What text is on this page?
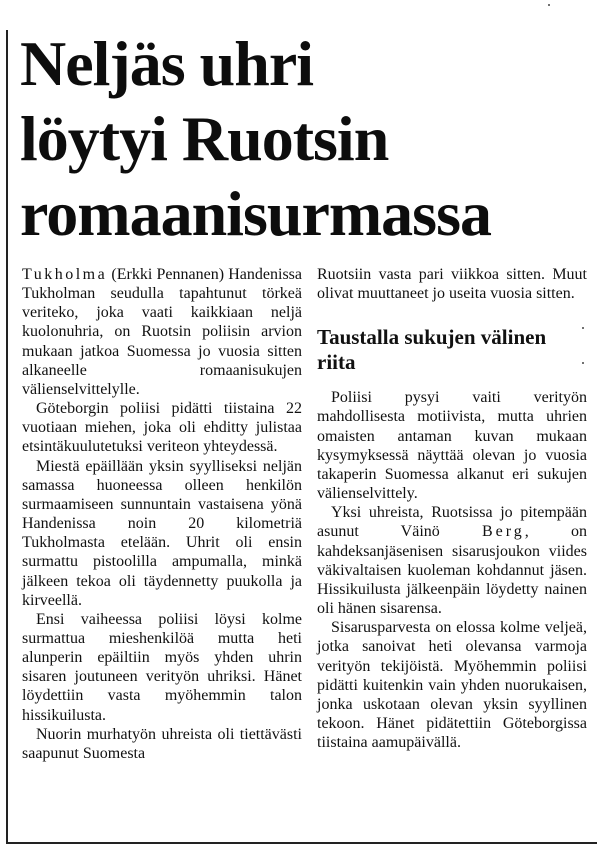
Neljäs uhri
löytyi Ruotsin
romaanisurmassa

Tukholma (Erkki Pennanen) Handenissa Tukholman seudulla tapahtunut törkeä veriteko, joka vaati kaikkiaan neljä kuolonuhria, on Ruotsin poliisin arvion mukaan jatkoa Suomessa jo vuosia sitten alkaneelle romaanisukujen välienselvittelylle.

Göteborgin poliisi pidätti tiistaina 22 vuotiaan miehen, joka oli ehditty julistaa etsintäkuulutetuksi veriteon yhteydessä.

Miestä epäillään yksin syylliseksi neljän samassa huoneessa olleen henkilön surmaamiseen sunnuntain vastaisena yönä Handenissa noin 20 kilometriä Tukholmasta etelään. Uhrit oli ensin surmattu pistoolilla ampumalla, minkä jälkeen tekoa oli täydennetty puukolla ja kirveellä.

Ensi vaiheessa poliisi löysi kolme surmattua mieshenkilöä mutta heti alunperin epäiltiin myös yhden uhrin sisaren joutuneen verityön uhriksi. Hänet löydettiin vasta myöhemmin talon hissikuilusta.

Nuorin murhatyön uhreista oli tiettävästi saapunut Suomesta

Ruotsiin vasta pari viikkoa sitten. Muut olivat muuttaneet jo useita vuosia sitten.

Taustalla sukujen välinen riita

Poliisi pysyi vaiti verityön mahdollisesta motiivista, mutta uhrien omaisten antaman kuvan mukaan kysymyksessä näyttää olevan jo vuosia takaperin Suomessa alkanut eri sukujen välienselvittely.

Yksi uhreista, Ruotsissa jo pitempään asunut Väinö Berg, on kahdeksanjäsenisen sisarusjoukon viides väkivaltaisen kuoleman kohdannut jäsen. Hissikuilusta jälkeenpäin löydetty nainen oli hänen sisarensa.

Sisarusparvesta on elossa kolme veljeä, jotka sanoivat heti olevansa varmoja verityön tekijöistä. Myöhemmin poliisi pidätti kuitenkin vain yhden nuorukaisen, jonka uskotaan olevan yksin syyllinen tekoon. Hänet pidätettiin Göteborgissa tiistaina aamupäivällä.
